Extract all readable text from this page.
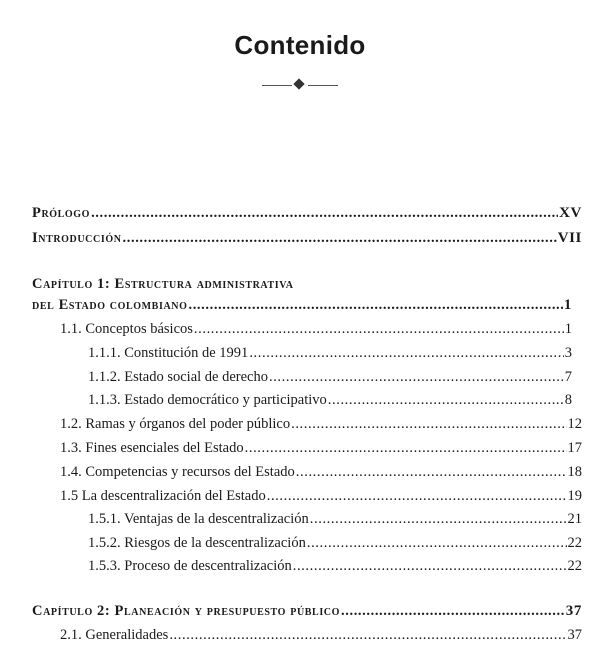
Contenido
Prólogo .....	XV
Introducción .....	VII
Capítulo 1: Estructura administrativa
del Estado colombiano .....	1
1.1. Conceptos básicos .....	1
1.1.1. Constitución de 1991 .....	3
1.1.2. Estado social de derecho .....	7
1.1.3. Estado democrático y participativo .....	8
1.2. Ramas y órganos del poder público .....	12
1.3. Fines esenciales del Estado .....	17
1.4. Competencias y recursos del Estado .....	18
1.5 La descentralización del Estado .....	19
1.5.1. Ventajas de la descentralización .....	21
1.5.2. Riesgos de la descentralización .....	22
1.5.3. Proceso de descentralización .....	22
Capítulo 2: Planeación y presupuesto público .....	37
2.1. Generalidades .....	37
